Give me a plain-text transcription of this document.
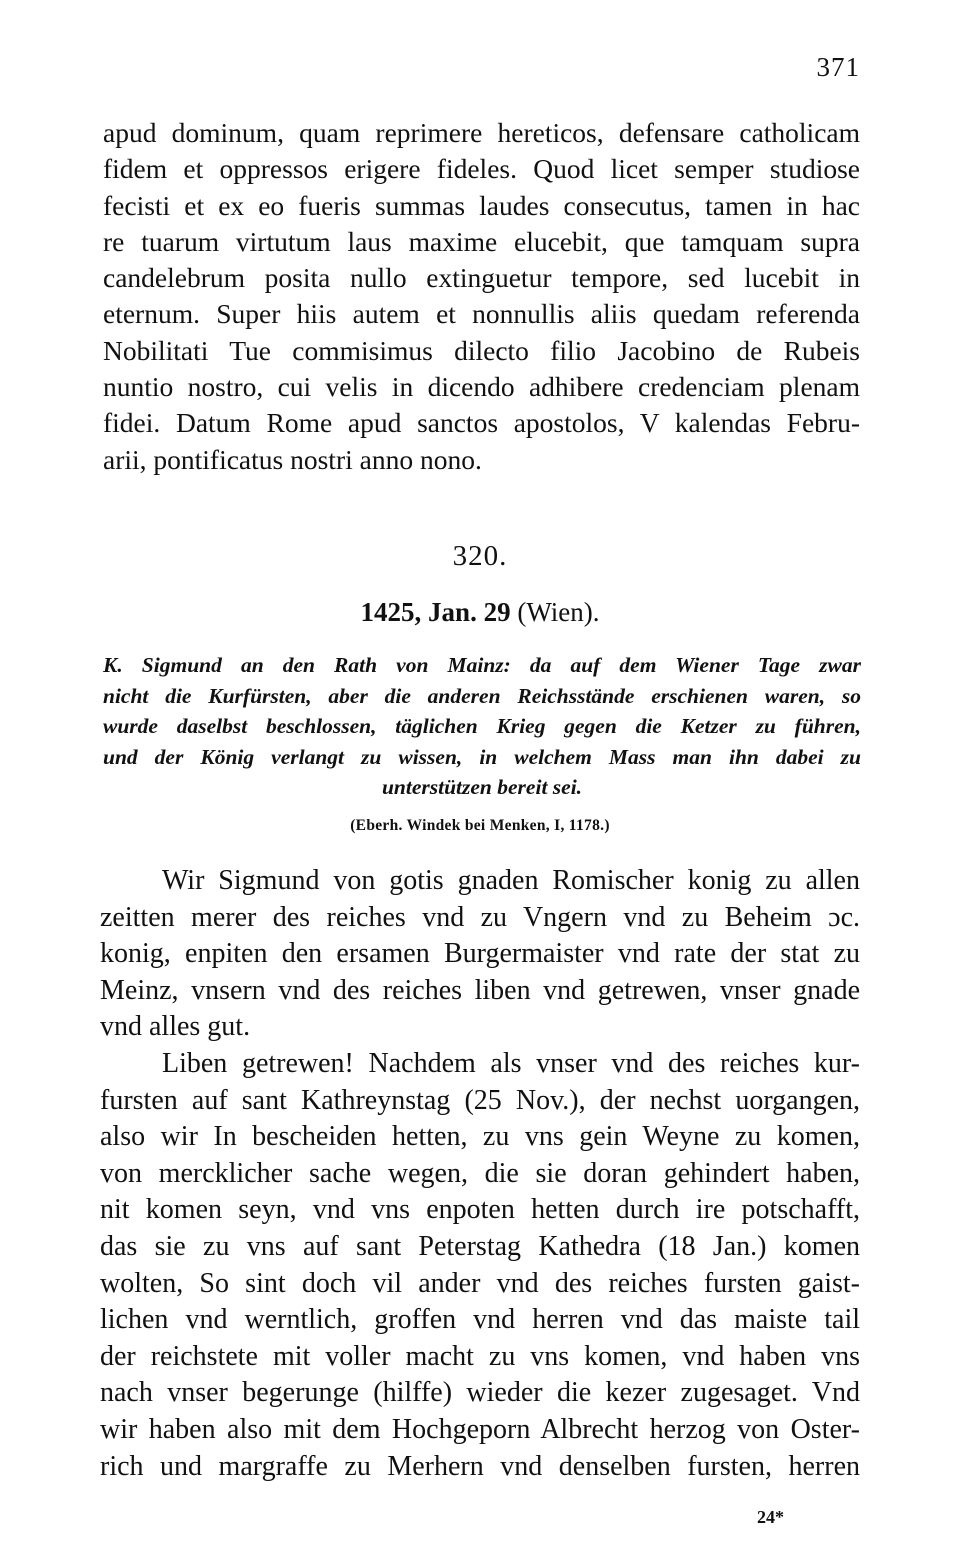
371
apud dominum, quam reprimere hereticos, defensare catholicam
fidem et oppressos erigere fideles. Quod licet semper studiose
fecisti et ex eo fueris summas laudes consecutus, tamen in hac
re tuarum virtutum laus maxime elucebit, que tamquam supra
candelebrum posita nullo extinguetur tempore, sed lucebit in
eternum. Super hiis autem et nonnullis aliis quedam referenda
Nobilitati Tue commisimus dilecto filio Jacobino de Rubeis
nuntio nostro, cui velis in dicendo adhibere credenciam plenam
fidei. Datum Rome apud sanctos apostolos, V kalendas Febru-
arii, pontificatus nostri anno nono.
320.
1425, Jan. 29 (Wien).
K. Sigmund an den Rath von Mainz: da auf dem Wiener Tage zwar
nicht die Kurfürsten, aber die anderen Reichsstände erschienen waren, so
wurde daselbst beschlossen, täglichen Krieg gegen die Ketzer zu führen,
und der König verlangt zu wissen, in welchem Mass man ihn dabei zu
unterstützen bereit sei.
(Eberh. Windek bei Menken, I, 1178.)
Wir Sigmund von gotis gnaden Romischer konig zu allen
zeitten merer des reiches vnd zu Vngern vnd zu Beheim ɔc.
konig, enpiten den ersamen Burgermaister vnd rate der stat zu
Meinz, vnsern vnd des reiches liben vnd getrewen, vnser gnade
vnd alles gut.
Liben getrewen! Nachdem als vnser vnd des reiches kur-
fursten auf sant Kathreynstag (25 Nov.), der nechst uorgangen,
also wir In bescheiden hetten, zu vns gein Weyne zu komen,
von mercklicher sache wegen, die sie doran gehindert haben,
nit komen seyn, vnd vns enpoten hetten durch ire potschafft,
das sie zu vns auf sant Peterstag Kathedra (18 Jan.) komen
wolten, So sint doch vil ander vnd des reiches fursten gaist-
lichen vnd werntlich, groffen vnd herren vnd das maiste tail
der reichstete mit voller macht zu vns komen, vnd haben vns
nach vnser begerunge (hilffe) wieder die kezer zugesaget. Vnd
wir haben also mit dem Hochgeporn Albrecht herzog von Oster-
rich und margraffe zu Merhern vnd denselben fursten, herren
24*
